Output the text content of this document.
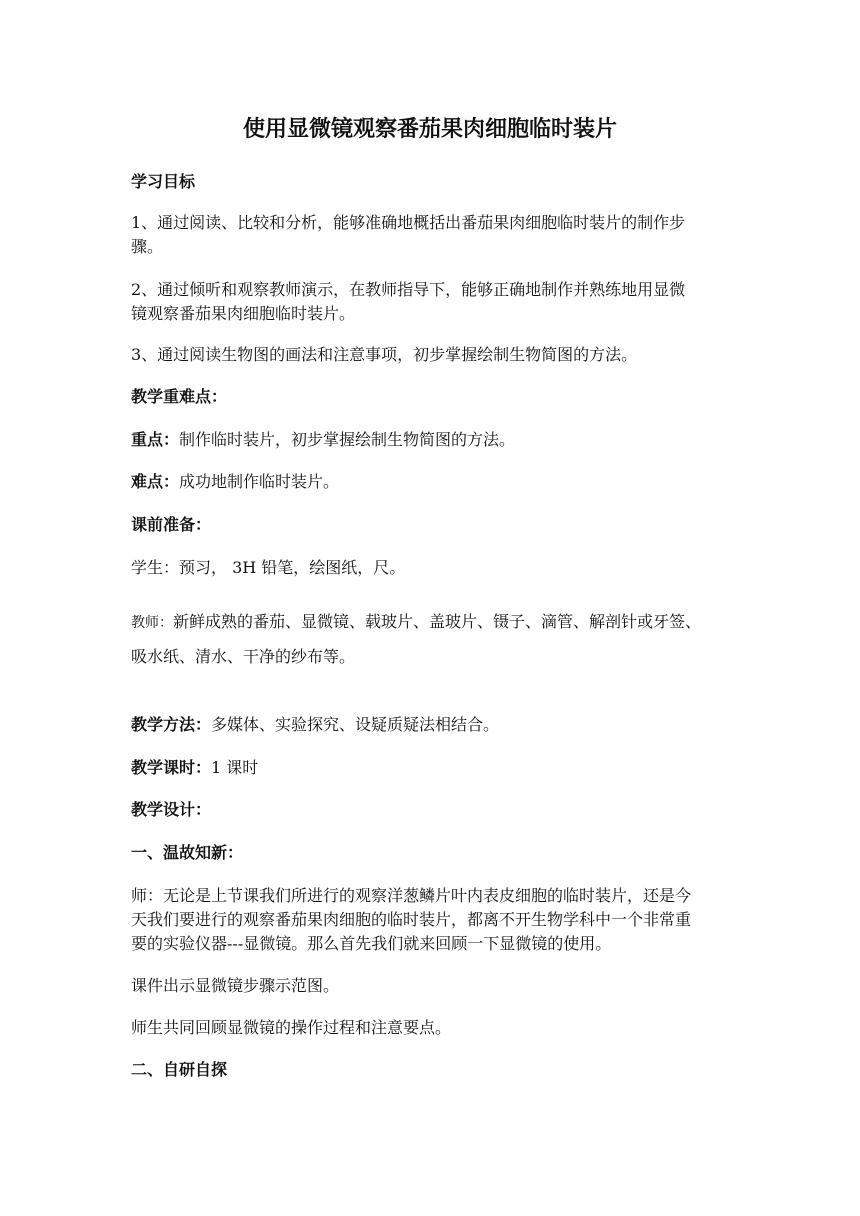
使用显微镜观察番茄果肉细胞临时装片

学习目标

1、通过阅读、比较和分析，能够准确地概括出番茄果肉细胞临时装片的制作步

骤。

2、通过倾听和观察教师演示，在教师指导下，能够正确地制作并熟练地用显微

镜观察番茄果肉细胞临时装片。

3、通过阅读生物图的画法和注意事项，初步掌握绘制生物简图的方法。

教学重难点：

重点：制作临时装片，初步掌握绘制生物简图的方法。

难点：成功地制作临时装片。

课前准备：

学生：预习， 3H 铅笔，绘图纸，尺。

教师：新鲜成熟的番茄、显微镜、载玻片、盖玻片、镊子、滴管、解剖针或牙签、

吸水纸、清水、干净的纱布等。

教学方法：多媒体、实验探究、设疑质疑法相结合。

教学课时：1 课时

教学设计：

一、温故知新：

师：无论是上节课我们所进行的观察洋葱鳞片叶内表皮细胞的临时装片，还是今

天我们要进行的观察番茄果肉细胞的临时装片，都离不开生物学科中一个非常重

要的实验仪器---显微镜。那么首先我们就来回顾一下显微镜的使用。

课件出示显微镜步骤示范图。

师生共同回顾显微镜的操作过程和注意要点。

二、自研自探
